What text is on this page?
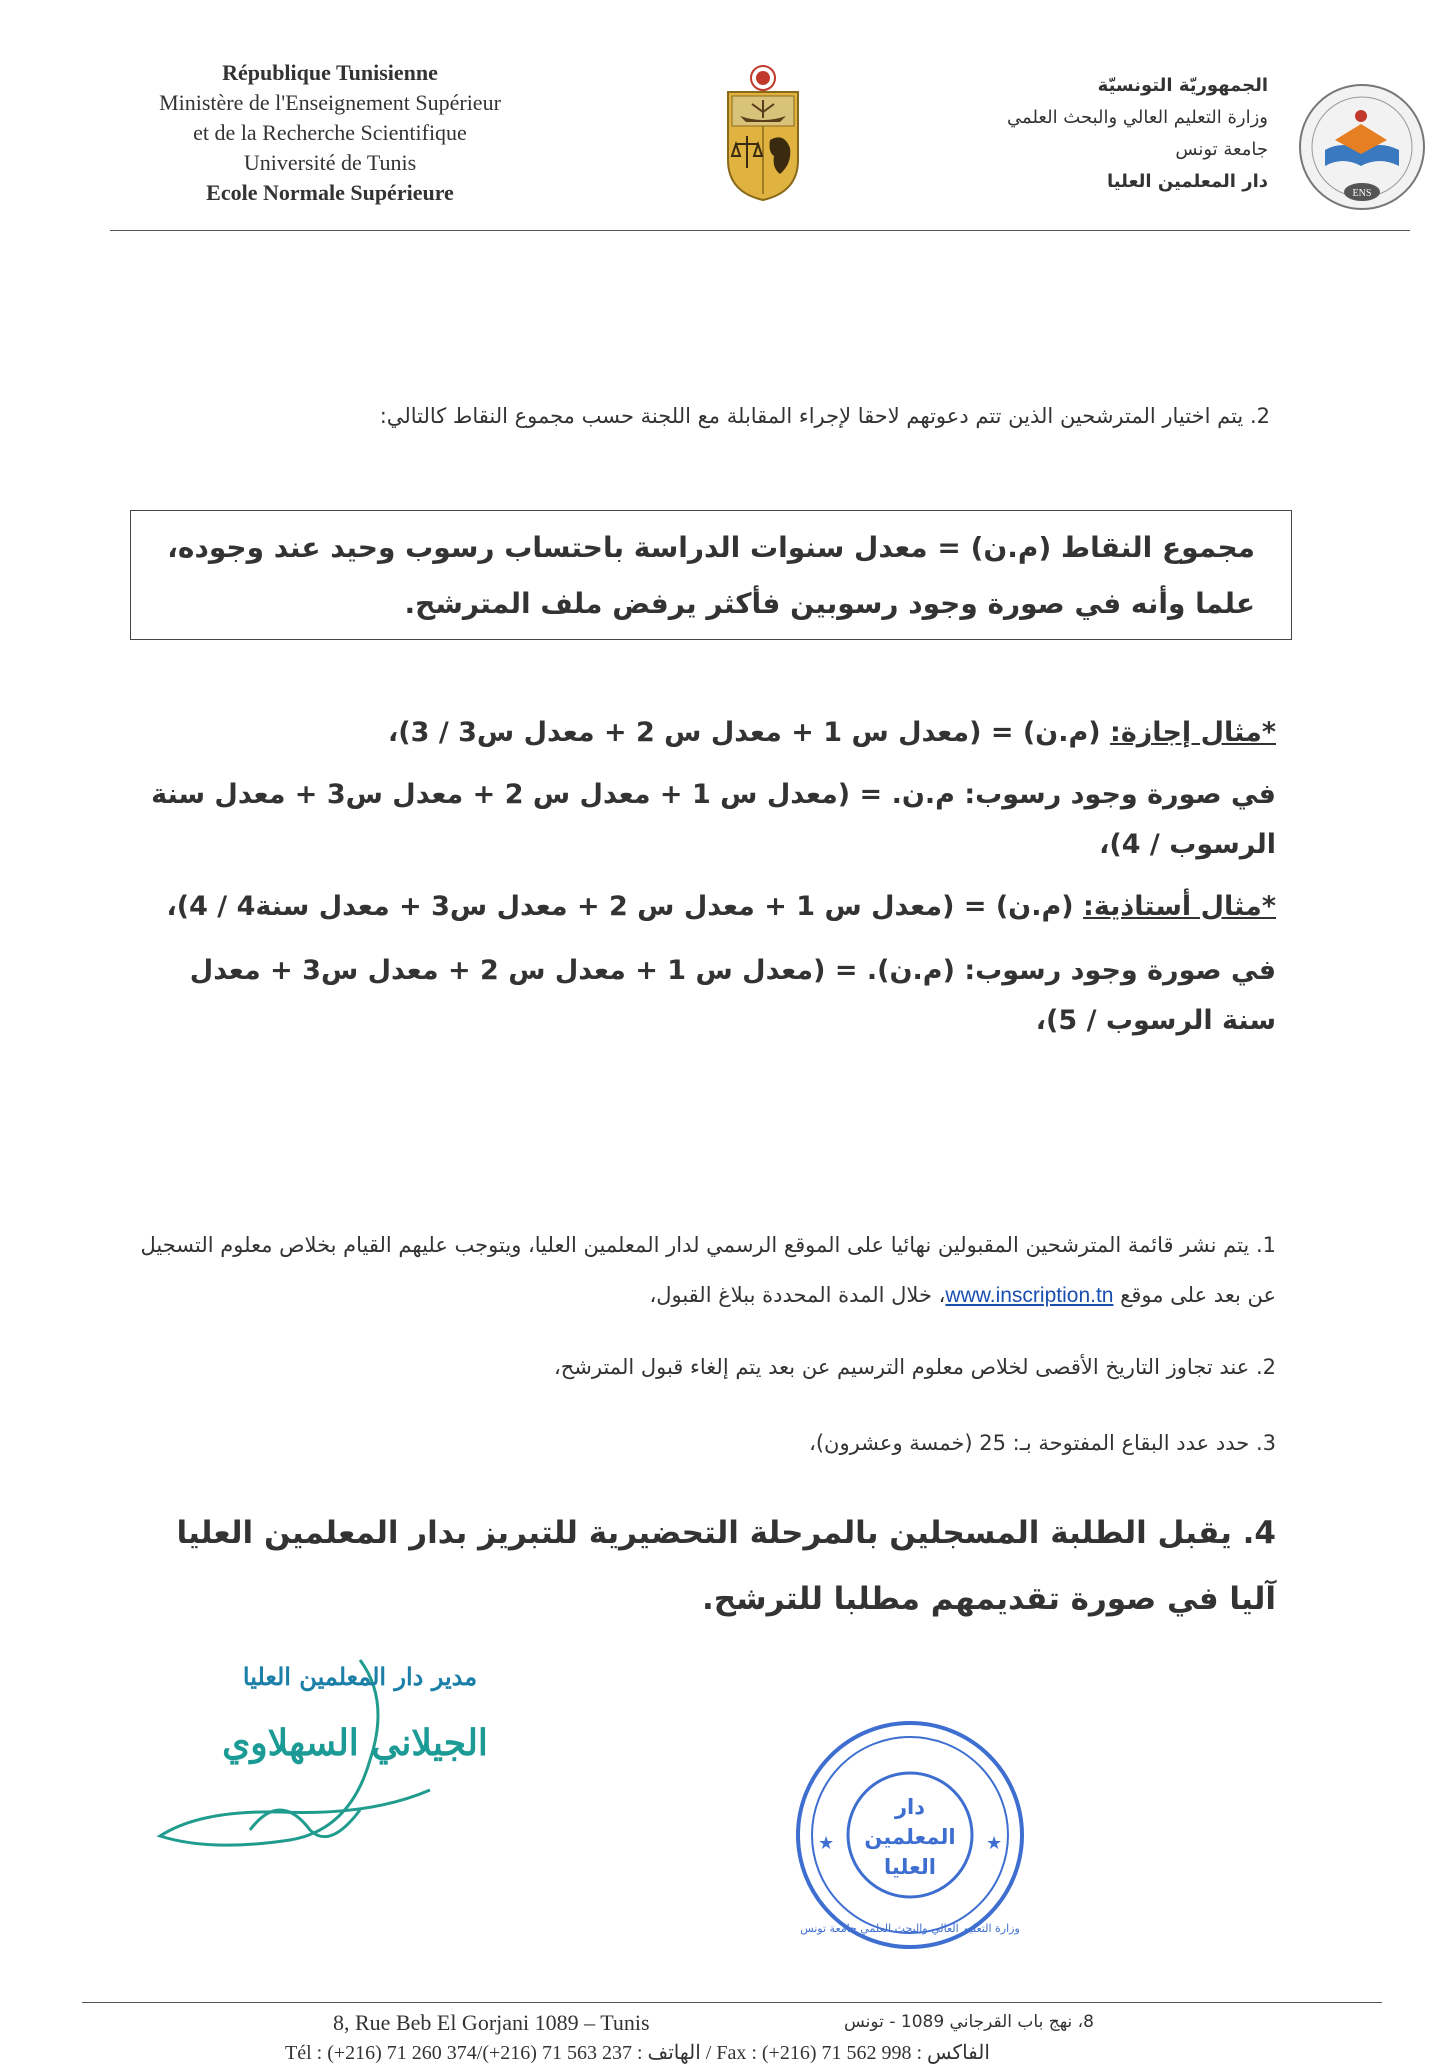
République Tunisienne
Ministère de l'Enseignement Supérieur
et de la Recherche Scientifique
Université de Tunis
Ecole Normale Supérieure
الجمهوريّة التونسيّة
وزارة التعليم العالي والبحث العلمي
جامعة تونس
دار المعلمين العليا
ENS
2. يتم اختيار المترشحين الذين تتم دعوتهم لاحقا لإجراء المقابلة مع اللجنة حسب مجموع النقاط كالتالي:
مجموع النقاط (م.ن) = معدل سنوات الدراسة باحتساب رسوب وحيد عند وجوده، علما وأنه في صورة وجود رسوبين فأكثر يرفض ملف المترشح.
*مثال إجازة: (م.ن) = (معدل س 1 + معدل س 2 + معدل س3 / 3)،
في صورة وجود رسوب: م.ن. = (معدل س 1 + معدل س 2 + معدل س3 + معدل سنة الرسوب / 4)،
*مثال أستاذية: (م.ن) = (معدل س 1 + معدل س 2 + معدل س3 + معدل سنة4 / 4)،
في صورة وجود رسوب: (م.ن). = (معدل س 1 + معدل س 2 + معدل س3 + معدل سنة الرسوب / 5)،
1. يتم نشر قائمة المترشحين المقبولين نهائيا على الموقع الرسمي لدار المعلمين العليا، ويتوجب عليهم القيام بخلاص معلوم التسجيل عن بعد على موقع www.inscription.tn، خلال المدة المحددة ببلاغ القبول،
2. عند تجاوز التاريخ الأقصى لخلاص معلوم الترسيم عن بعد يتم إلغاء قبول المترشح،
3. حدد عدد البقاع المفتوحة بـ: 25 (خمسة وعشرون)،
4. يقبل الطلبة المسجلين بالمرحلة التحضيرية للتبريز بدار المعلمين العليا آليا في صورة تقديمهم مطلبا للترشح.
مدير دار المعلمين العليا
الجيلاني السهلاوي
★	★
دار المعلمين العليا
وزارة التعليم العالي والبحث العلمي جامعة تونس
8, Rue Beb El Gorjani 1089 – Tunis	8، نهج باب القرجاني 1089 - تونس
Tél : (+216) 71 260 374/(+216) 71 563 237 : الهاتف / Fax : (+216) 71 562 998 : الفاكس
